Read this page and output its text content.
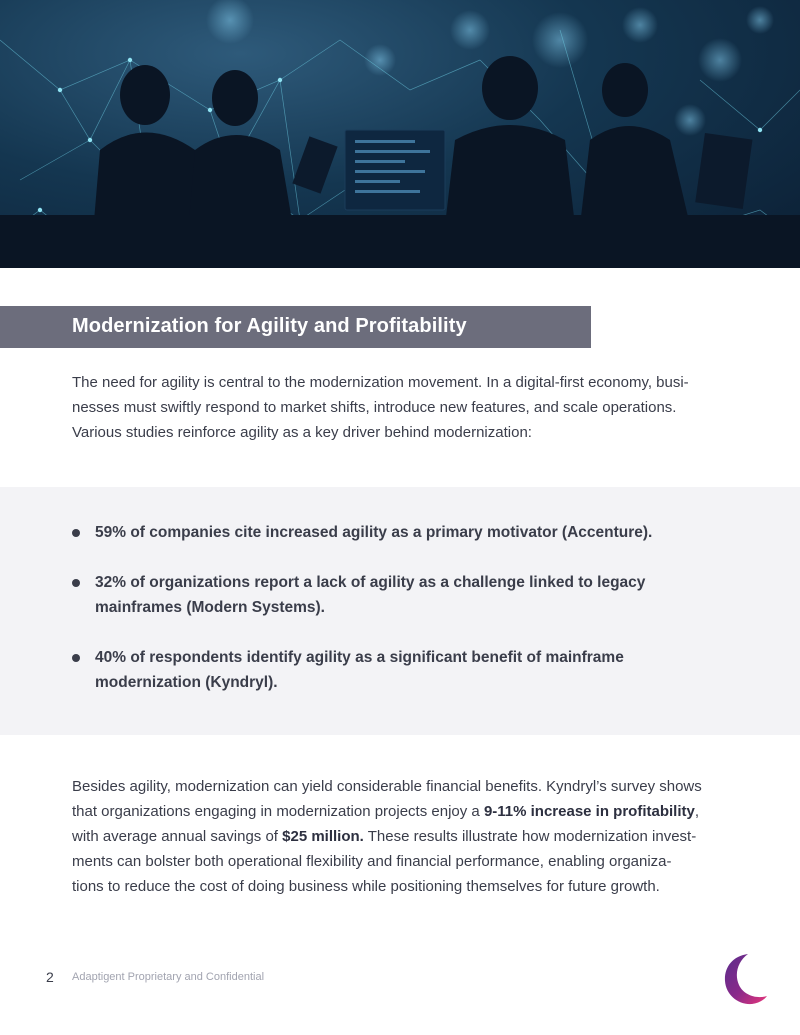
Modernization for Agility and Profitability

The need for agility is central to the modernization movement. In a digital-first economy, busi-
nesses must swiftly respond to market shifts, introduce new features, and scale operations.
Various studies reinforce agility as a key driver behind modernization:

59% of companies cite increased agility as a primary motivator (Accenture).
32% of organizations report a lack of agility as a challenge linked to legacy
mainframes (Modern Systems).
40% of respondents identify agility as a significant benefit of mainframe
modernization (Kyndryl).

Besides agility, modernization can yield considerable financial benefits. Kyndryl’s survey shows
that organizations engaging in modernization projects enjoy a 9-11% increase in profitability,
with average annual savings of $25 million. These results illustrate how modernization invest-
ments can bolster both operational flexibility and financial performance, enabling organiza-
tions to reduce the cost of doing business while positioning themselves for future growth.

2 Adaptigent Proprietary and Confidential
